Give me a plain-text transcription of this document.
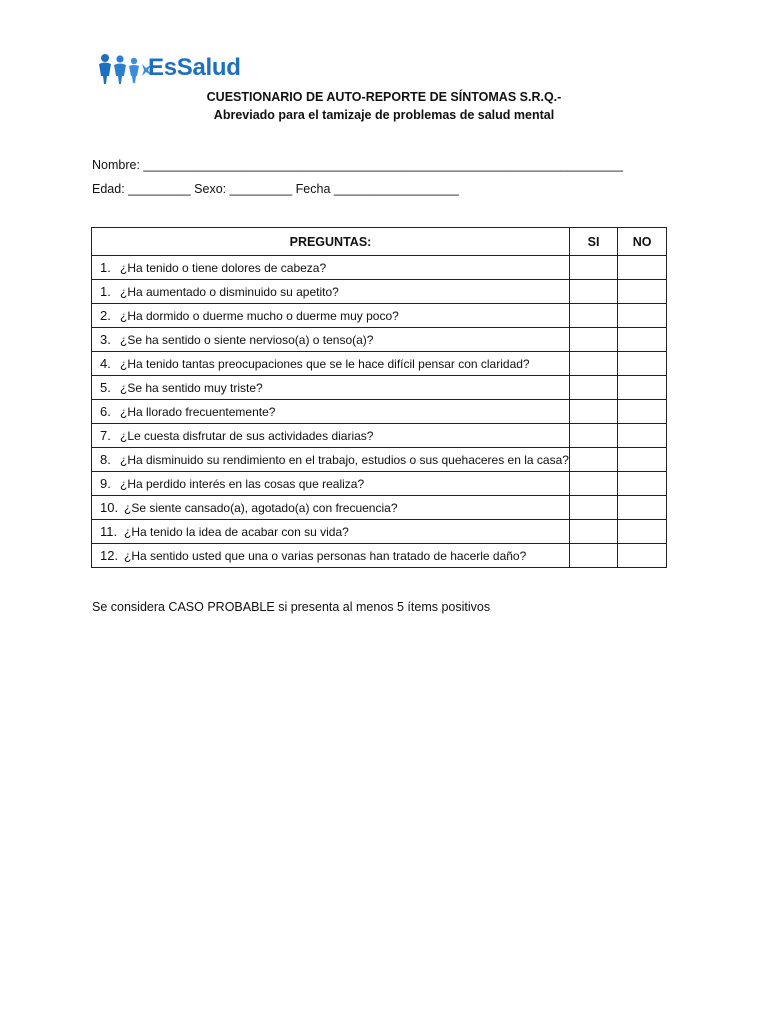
EsSalud
CUESTIONARIO DE AUTO-REPORTE DE SÍNTOMAS S.R.Q.-
Abreviado para el tamizaje de problemas de salud mental
Nombre: _____________________________________________________________________
Edad: _________ Sexo: _________ Fecha __________________
PREGUNTAS:	SI	NO
1. ¿Ha tenido o tiene dolores de cabeza?		
1. ¿Ha aumentado o disminuido su apetito?		
2. ¿Ha dormido o duerme mucho o duerme muy poco?		
3. ¿Se ha sentido o siente nervioso(a) o tenso(a)?		
4. ¿Ha tenido tantas preocupaciones que se le hace difícil pensar con claridad?		
5. ¿Se ha sentido muy triste?		
6. ¿Ha llorado frecuentemente?		
7. ¿Le cuesta disfrutar de sus actividades diarias?		
8. ¿Ha disminuido su rendimiento en el trabajo, estudios o sus quehaceres en la casa?		
9. ¿Ha perdido interés en las cosas que realiza?		
10. ¿Se siente cansado(a), agotado(a) con frecuencia?		
11. ¿Ha tenido la idea de acabar con su vida?		
12. ¿Ha sentido usted que una o varias personas han tratado de hacerle daño?		
Se considera CASO PROBABLE si presenta al menos 5 ítems positivos
